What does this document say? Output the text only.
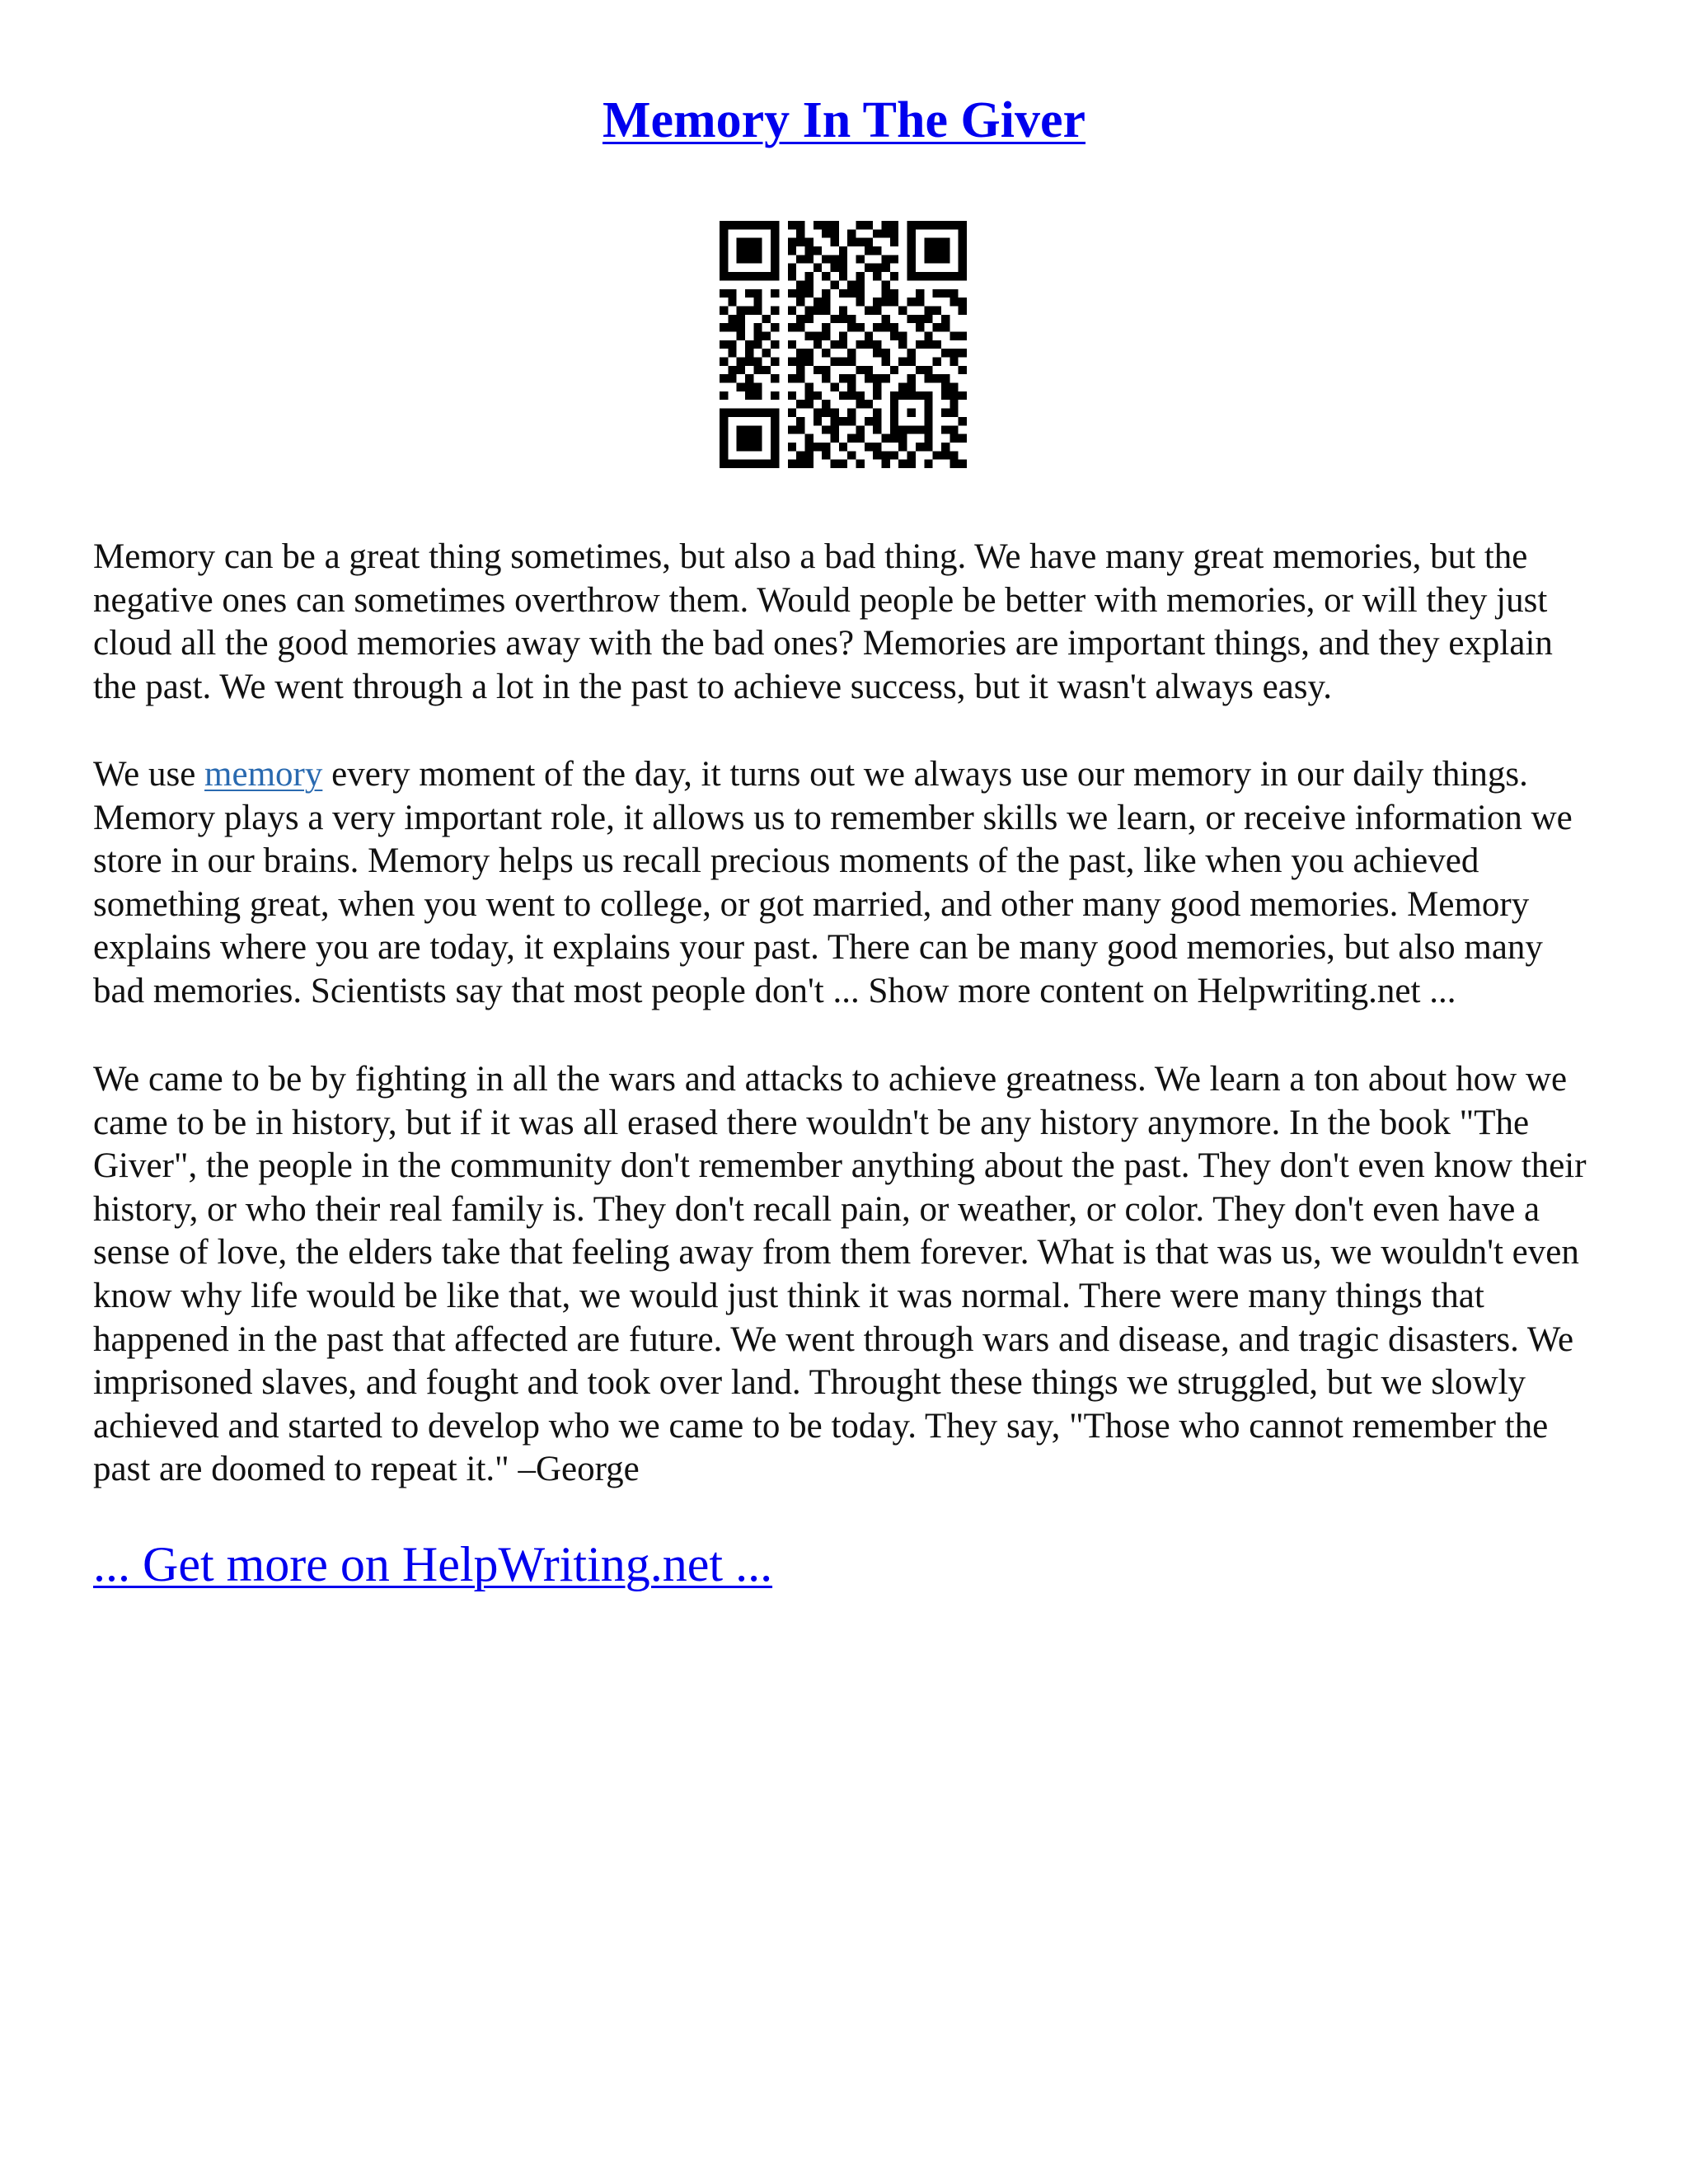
Memory In The Giver

Memory can be a great thing sometimes, but also a bad thing. We have many great memories, but the negative ones can sometimes overthrow them. Would people be better with memories, or will they just cloud all the good memories away with the bad ones? Memories are important things, and they explain the past. We went through a lot in the past to achieve success, but it wasn't always easy.

We use memory every moment of the day, it turns out we always use our memory in our daily things. Memory plays a very important role, it allows us to remember skills we learn, or receive information we store in our brains. Memory helps us recall precious moments of the past, like when you achieved something great, when you went to college, or got married, and other many good memories. Memory explains where you are today, it explains your past. There can be many good memories, but also many bad memories. Scientists say that most people don't ... Show more content on Helpwriting.net ...

We came to be by fighting in all the wars and attacks to achieve greatness. We learn a ton about how we came to be in history, but if it was all erased there wouldn't be any history anymore. In the book "The Giver", the people in the community don't remember anything about the past. They don't even know their history, or who their real family is. They don't recall pain, or weather, or color. They don't even have a sense of love, the elders take that feeling away from them forever. What is that was us, we wouldn't even know why life would be like that, we would just think it was normal. There were many things that happened in the past that affected are future. We went through wars and disease, and tragic disasters. We imprisoned slaves, and fought and took over land. Throught these things we struggled, but we slowly achieved and started to develop who we came to be today. They say, "Those who cannot remember the past are doomed to repeat it." –George

... Get more on HelpWriting.net ...
